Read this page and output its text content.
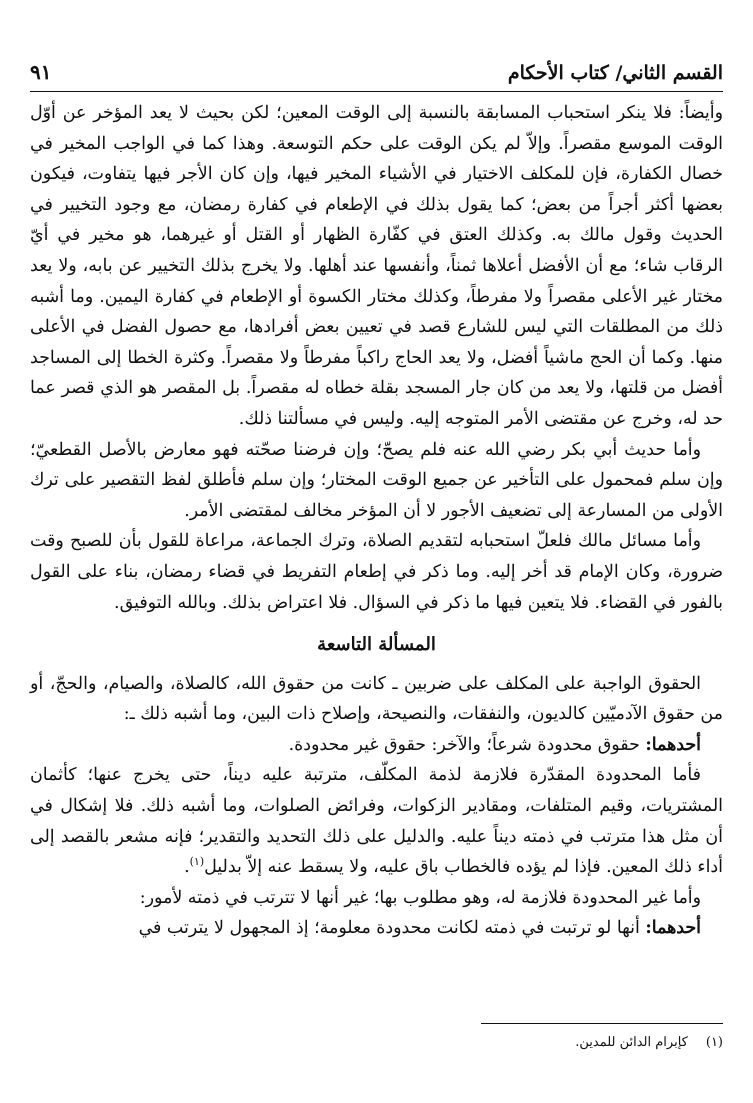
القسم الثاني/ كتاب الأحكام
٩١

وأيضاً: فلا ينكر استحباب المسابقة بالنسبة إلى الوقت المعين؛ لكن بحيث لا يعد المؤخر عن أوّل الوقت الموسع مقصراً. وإلاّ لم يكن الوقت على حكم التوسعة. وهذا كما في الواجب المخير في خصال الكفارة، فإن للمكلف الاختيار في الأشياء المخير فيها، وإن كان الأجر فيها يتفاوت، فيكون بعضها أكثر أجراً من بعض؛ كما يقول بذلك في الإطعام في كفارة رمضان، مع وجود التخيير في الحديث وقول مالك به. وكذلك العتق في كفّارة الظهار أو القتل أو غيرهما، هو مخير في أيّ الرقاب شاء؛ مع أن الأفضل أعلاها ثمناً، وأنفسها عند أهلها. ولا يخرج بذلك التخيير عن بابه، ولا يعد مختار غير الأعلى مقصراً ولا مفرطاً، وكذلك مختار الكسوة أو الإطعام في كفارة اليمين. وما أشبه ذلك من المطلقات التي ليس للشارع قصد في تعيين بعض أفرادها، مع حصول الفضل في الأعلى منها. وكما أن الحج ماشياً أفضل، ولا يعد الحاج راكباً مفرطاً ولا مقصراً. وكثرة الخطا إلى المساجد أفضل من قلتها، ولا يعد من كان جار المسجد بقلة خطاه له مقصراً. بل المقصر هو الذي قصر عما حد له، وخرج عن مقتضى الأمر المتوجه إليه. وليس في مسألتنا ذلك.

وأما حديث أبي بكر رضي الله عنه فلم يصحّ؛ وإن فرضنا صحّته فهو معارض بالأصل القطعيّ؛ وإن سلم فمحمول على التأخير عن جميع الوقت المختار؛ وإن سلم فأطلق لفظ التقصير على ترك الأولى من المسارعة إلى تضعيف الأجور لا أن المؤخر مخالف لمقتضى الأمر.

وأما مسائل مالك فلعلّ استحبابه لتقديم الصلاة، وترك الجماعة، مراعاة للقول بأن للصبح وقت ضرورة، وكان الإمام قد أخر إليه. وما ذكر في إطعام التفريط في قضاء رمضان، بناء على القول بالفور في القضاء. فلا يتعين فيها ما ذكر في السؤال. فلا اعتراض بذلك. وبالله التوفيق.

المسألة التاسعة

الحقوق الواجبة على المكلف على ضربين ـ كانت من حقوق الله، كالصلاة، والصيام، والحجّ، أو من حقوق الآدميّين كالديون، والنفقات، والنصيحة، وإصلاح ذات البين، وما أشبه ذلك ـ:

أحدهما: حقوق محدودة شرعاً؛ والآخر: حقوق غير محدودة.

فأما المحدودة المقدّرة فلازمة لذمة المكلّف، مترتبة عليه ديناً، حتى يخرج عنها؛ كأثمان المشتريات، وقيم المتلفات، ومقادير الزكوات، وفرائض الصلوات، وما أشبه ذلك. فلا إشكال في أن مثل هذا مترتب في ذمته ديناً عليه. والدليل على ذلك التحديد والتقدير؛ فإنه مشعر بالقصد إلى أداء ذلك المعين. فإذا لم يؤده فالخطاب باق عليه، ولا يسقط عنه إلاّ بدليل$^{(١)}$.

وأما غير المحدودة فلازمة له، وهو مطلوب بها؛ غير أنها لا تترتب في ذمته لأمور:

أحدهما: أنها لو ترتبت في ذمته لكانت محدودة معلومة؛ إذ المجهول لا يترتب في

(١)كإبرام الدائن للمدين.
